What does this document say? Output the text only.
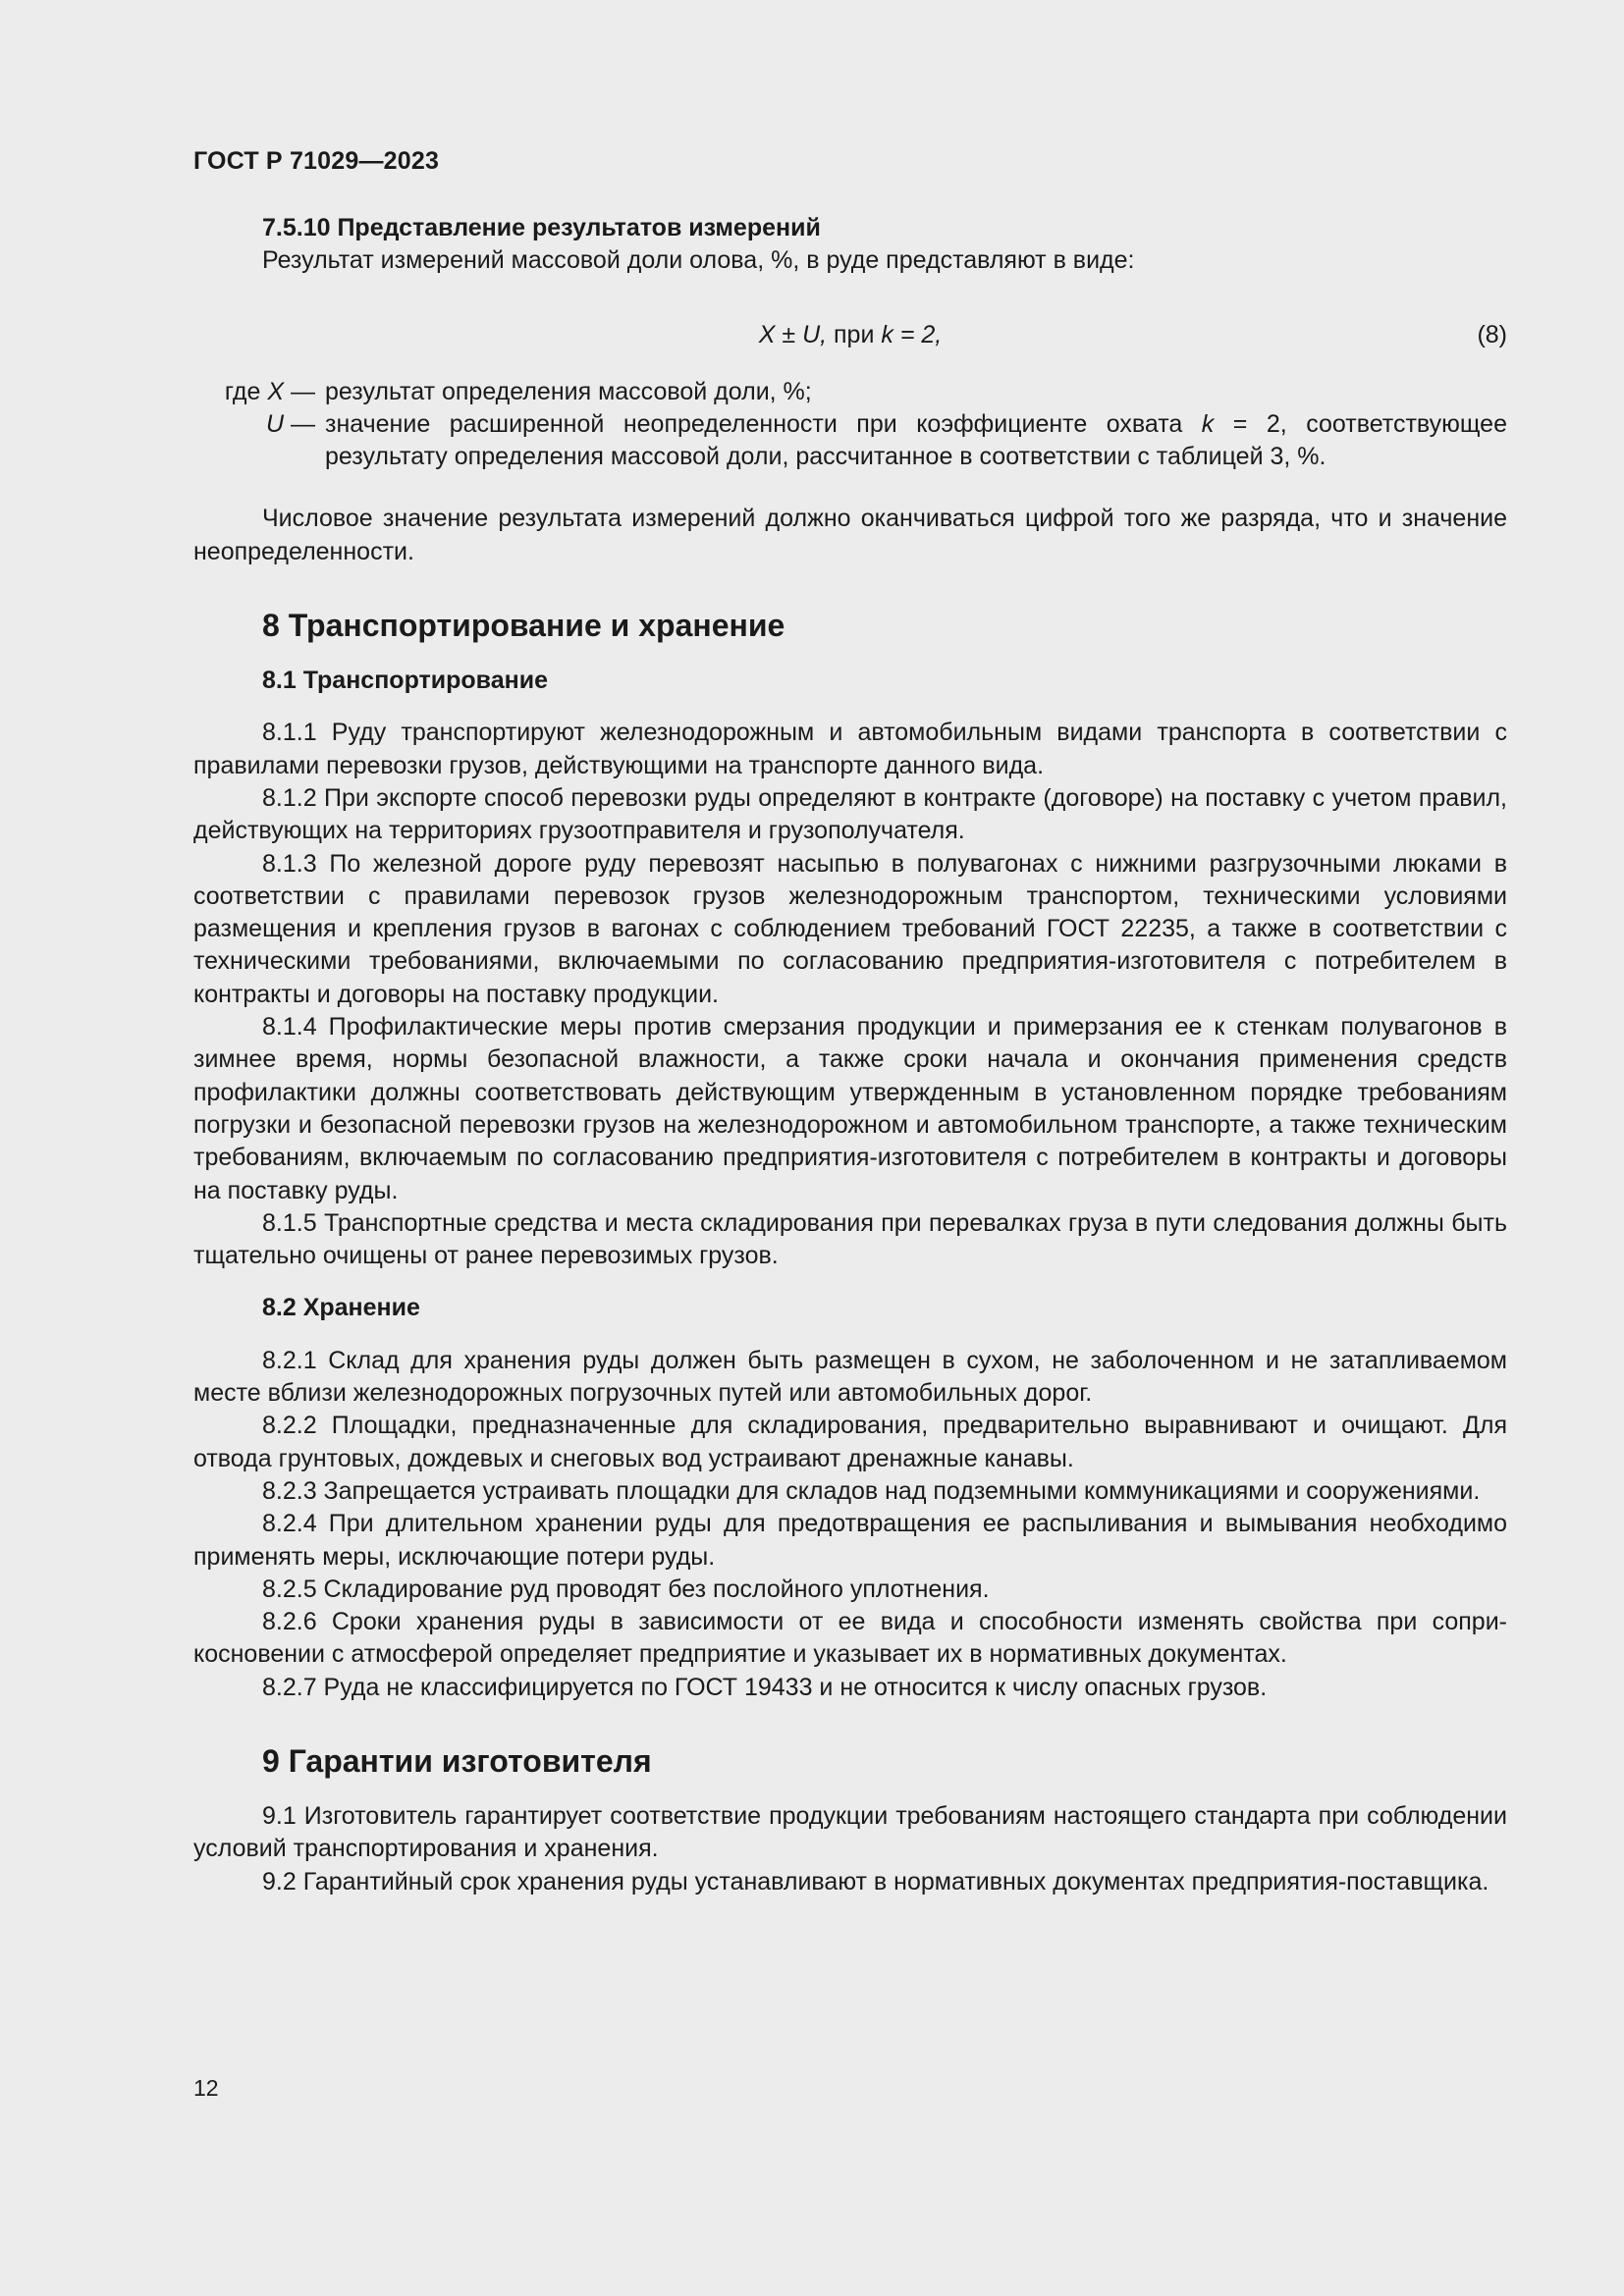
ГОСТ Р 71029—2023
7.5.10 Представление результатов измерений

Результат измерений массовой доли олова, %, в руде представляют в виде:

X ± U, при k = 2,	(8)
где X — результат определения массовой доли, %;
U — значение расширенной неопределенности при коэффициенте охвата k = 2, соответствующее результату определения массовой доли, рассчитанное в соответствии с таблицей 3, %.

Числовое значение результата измерений должно оканчиваться цифрой того же разряда, что и значение неопределенности.

8 Транспортирование и хранение
8.1 Транспортирование

8.1.1 Руду транспортируют железнодорожным и автомобильным видами транспорта в соответствии с правилами перевозки грузов, действующими на транспорте данного вида.

8.1.2 При экспорте способ перевозки руды определяют в контракте (договоре) на поставку с учетом правил, действующих на территориях грузоотправителя и грузополучателя.

8.1.3 По железной дороге руду перевозят насыпью в полувагонах с нижними разгрузочными люками в соответствии с правилами перевозок грузов железнодорожным транспортом, техническими условиями размещения и крепления грузов в вагонах с соблюдением требований ГОСТ 22235, а также в соответствии с техническими требованиями, включаемыми по согласованию предприятия-изготовителя с потребителем в контракты и договоры на поставку продукции.

8.1.4 Профилактические меры против смерзания продукции и примерзания ее к стенкам полувагонов в зимнее время, нормы безопасной влажности, а также сроки начала и окончания применения средств профилактики должны соответствовать действующим утвержденным в установленном порядке требованиям погрузки и безопасной перевозки грузов на железнодорожном и автомобильном транспорте, а также техническим требованиям, включаемым по согласованию предприятия-изготовителя с потребителем в контракты и договоры на поставку руды.

8.1.5 Транспортные средства и места складирования при перевалках груза в пути следования должны быть тщательно очищены от ранее перевозимых грузов.

8.2 Хранение

8.2.1 Склад для хранения руды должен быть размещен в сухом, не заболоченном и не затапливаемом месте вблизи железнодорожных погрузочных путей или автомобильных дорог.

8.2.2 Площадки, предназначенные для складирования, предварительно выравнивают и очищают. Для отвода грунтовых, дождевых и снеговых вод устраивают дренажные канавы.

8.2.3 Запрещается устраивать площадки для складов над подземными коммуникациями и сооружениями.

8.2.4 При длительном хранении руды для предотвращения ее распыливания и вымывания необходимо применять меры, исключающие потери руды.

8.2.5 Складирование руд проводят без послойного уплотнения.

8.2.6 Сроки хранения руды в зависимости от ее вида и способности изменять свойства при соприкосновении с атмосферой определяет предприятие и указывает их в нормативных документах.

8.2.7 Руда не классифицируется по ГОСТ 19433 и не относится к числу опасных грузов.

9 Гарантии изготовителя

9.1 Изготовитель гарантирует соответствие продукции требованиям настоящего стандарта при соблюдении условий транспортирования и хранения.

9.2 Гарантийный срок хранения руды устанавливают в нормативных документах предприятия-поставщика.

12
